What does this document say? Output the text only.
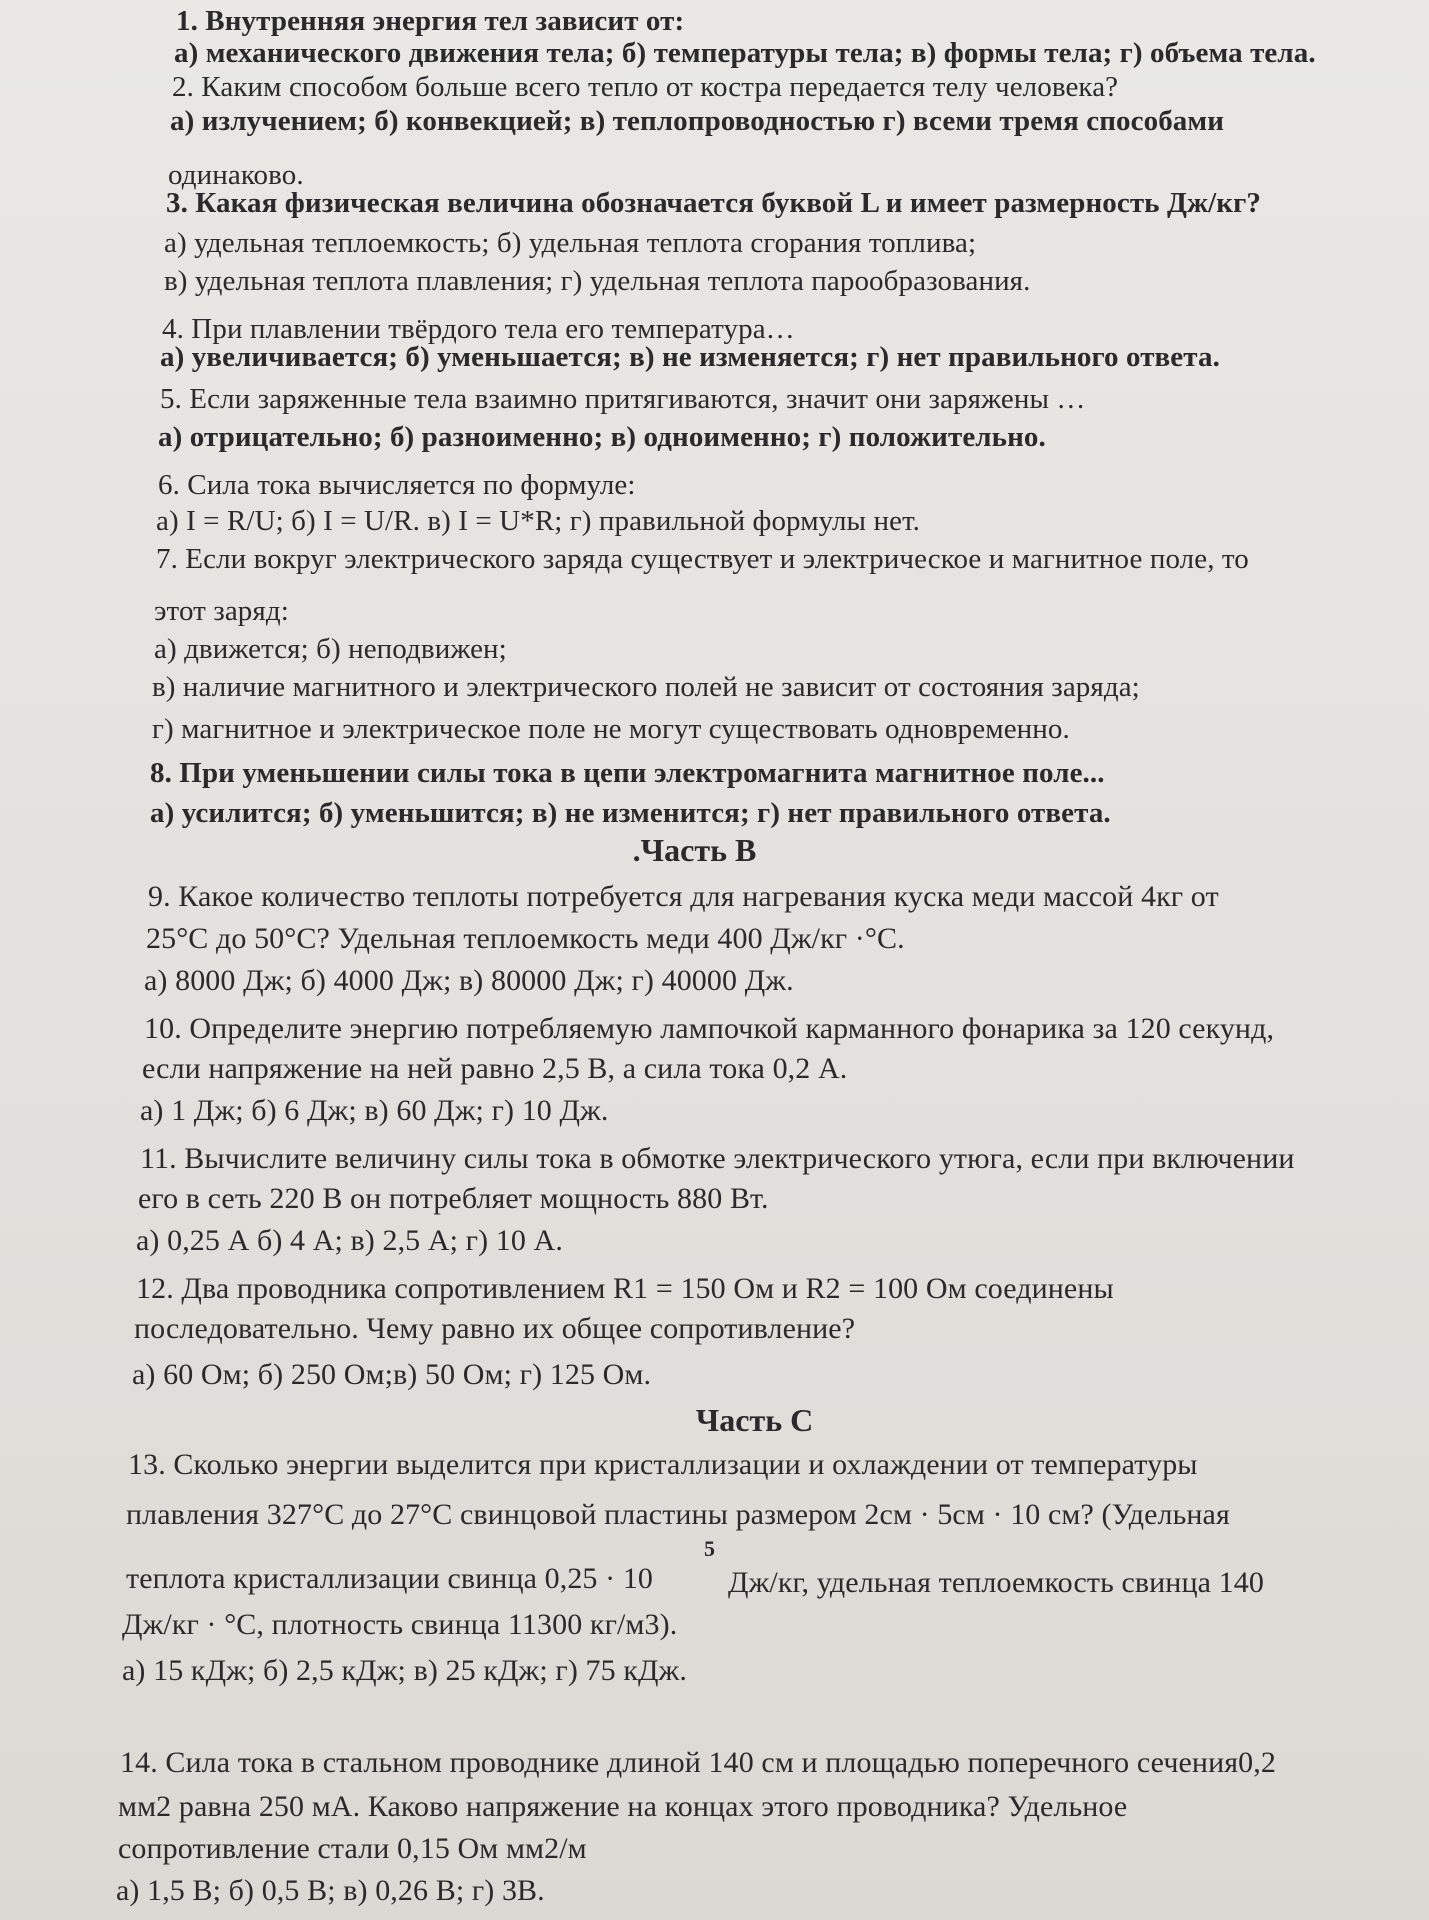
1. Внутренняя энергия тел зависит от:
а) механического движения тела; б) температуры тела; в) формы тела; г) объема тела.
2. Каким способом больше всего тепло от костра передается телу человека?
а) излучением; б) конвекцией; в) теплопроводностью г) всеми тремя способами
одинаково.
3. Какая физическая величина обозначается буквой L и имеет размерность Дж/кг?
а) удельная теплоемкость; б) удельная теплота сгорания топлива;
в) удельная теплота плавления; г) удельная теплота парообразования.
4. При плавлении твёрдого тела его температура…
а) увеличивается; б) уменьшается; в) не изменяется; г) нет правильного ответа.
5. Если заряженные тела взаимно притягиваются, значит они заряжены …
а) отрицательно; б) разноименно; в) одноименно; г) положительно.
6. Сила тока вычисляется по формуле:
а) I = R/U; б) I = U/R. в) I = U*R; г) правильной формулы нет.
7. Если вокруг электрического заряда существует и электрическое и магнитное поле, то
этот заряд:
а) движется; б) неподвижен;
в) наличие магнитного и электрического полей не зависит от состояния заряда;
г) магнитное и электрическое поле не могут существовать одновременно.
8. При уменьшении силы тока в цепи электромагнита магнитное поле...
а) усилится; б) уменьшится; в) не изменится; г) нет правильного ответа.
.Часть В
9. Какое количество теплоты потребуется для нагревания куска меди массой 4кг от
25°С до 50°С? Удельная теплоемкость меди 400 Дж/кг ·°С.
а) 8000 Дж; б) 4000 Дж; в) 80000 Дж; г) 40000 Дж.
10. Определите энергию потребляемую лампочкой карманного фонарика за 120 секунд,
если напряжение на ней равно 2,5 В, а сила тока 0,2 А.
а) 1 Дж; б) 6 Дж; в) 60 Дж; г) 10 Дж.
11. Вычислите величину силы тока в обмотке электрического утюга, если при включении
его в сеть 220 В он потребляет мощность 880 Вт.
а) 0,25 А б) 4 А; в) 2,5 А; г) 10 А.
12. Два проводника сопротивлением R1 = 150 Ом и R2 = 100 Ом соединены
последовательно. Чему равно их общее сопротивление?
а) 60 Ом; б) 250 Ом;в) 50 Ом; г) 125 Ом.
Часть С
13. Сколько энергии выделится при кристаллизации и охлаждении от температуры
плавления 327°С до 27°С свинцовой пластины размером 2см · 5см · 10 см? (Удельная
теплота кристаллизации свинца 0,25 · 10
5
Дж/кг, удельная теплоемкость свинца 140
Дж/кг · °С, плотность свинца 11300 кг/м3).
а) 15 кДж; б) 2,5 кДж; в) 25 кДж; г) 75 кДж.
14. Сила тока в стальном проводнике длиной 140 см и площадью поперечного сечения0,2
мм2 равна 250 мА. Каково напряжение на концах этого проводника? Удельное
сопротивление стали 0,15 Ом мм2/м
а) 1,5 В; б) 0,5 В; в) 0,26 В; г) 3В.
